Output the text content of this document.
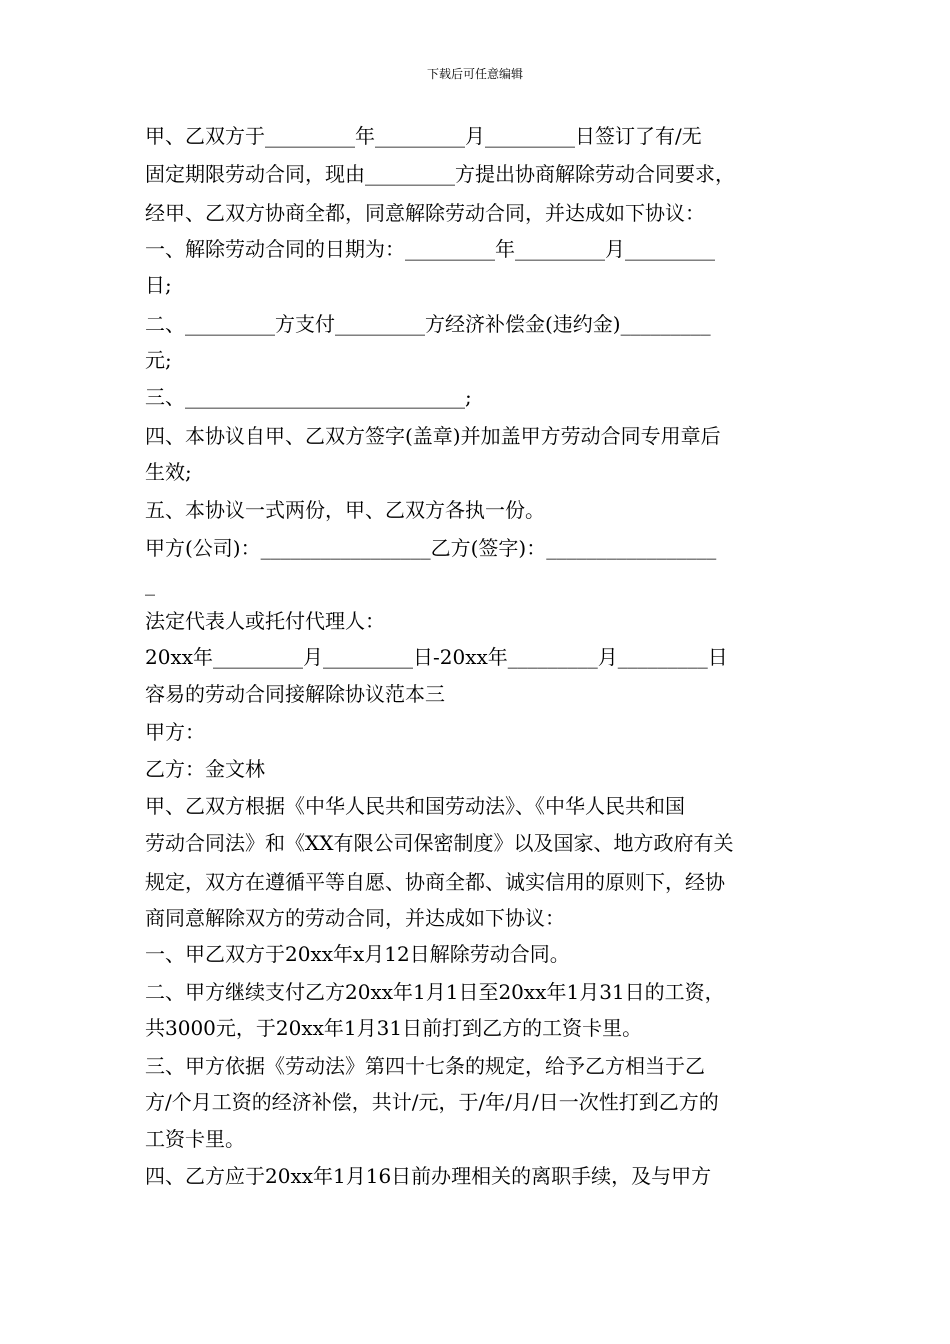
下载后可任意编辑
甲、乙双方于_________年_________月_________日签订了有/无
固定期限劳动合同，现由_________方提出协商解除劳动合同要求，
经甲、乙双方协商全都，同意解除劳动合同，并达成如下协议：
一、解除劳动合同的日期为：_________年_________月_________
日;
二、_________方支付_________方经济补偿金(违约金)_________
元;
三、____________________________;
四、本协议自甲、乙双方签字(盖章)并加盖甲方劳动合同专用章后
生效;
五、本协议一式两份，甲、乙双方各执一份。
甲方(公司)：_________________乙方(签字)：_________________
_
法定代表人或托付代理人：
20xx年_________月_________日-20xx年_________月_________日
容易的劳动合同接解除协议范本三
甲方：
乙方：金文林
甲、乙双方根据《中华人民共和国劳动法》、《中华人民共和国
劳动合同法》和《XX有限公司保密制度》以及国家、地方政府有关
规定，双方在遵循平等自愿、协商全都、诚实信用的原则下，经协
商同意解除双方的劳动合同，并达成如下协议：
一、甲乙双方于20xx年x月12日解除劳动合同。
二、甲方继续支付乙方20xx年1月1日至20xx年1月31日的工资，
共3000元，于20xx年1月31日前打到乙方的工资卡里。
三、甲方依据《劳动法》第四十七条的规定，给予乙方相当于乙
方/个月工资的经济补偿，共计/元，于/年/月/日一次性打到乙方的
工资卡里。
四、乙方应于20xx年1月16日前办理相关的离职手续，及与甲方
